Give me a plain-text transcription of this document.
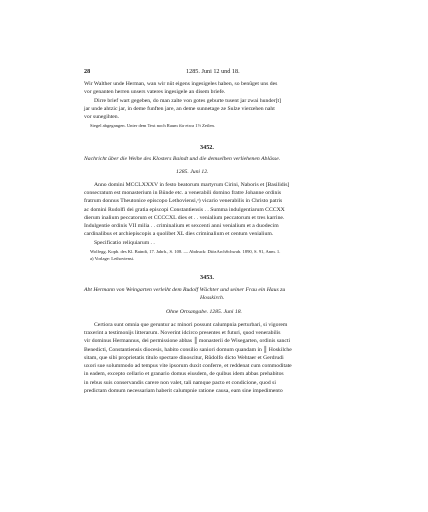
28	1285. Juni 12 und 18.
Wir Walther unde Herman, wan wir nüt eigens ingesigeles haben, so benûget uns des
vor genanten herren unsers vateres ingesigele an disem briefe.
Dirre brief wart gegeben, do man zalte von gotes geburte tusent jar zwai hunder[t]
jar unde ahtzic jar, in deme funften jare, an deme sunnetage ze Sulze vierzehen naht
vor sunegihten.
Siegel abgegangen. Unter dem Text noch Raum für etwa 1½ Zeilen.
3452.
Nachricht über die Weihe des Klosters Baindt und die demselben verliehenen Ablässe.
1285. Juni 12.
Anno domini MCCLXXXV in festo beatorum martyrum Cirini, Naboris et [Basilidis]
consecratum est monasterium in Bünde etc. a venerabili domino fratre Johanne ordinis
fratrum donnus Theutonice episcopo Lethoviensi,ᵃ) vicario venerabilis in Christo patris
ac domini Rudolfi dei gratia episcopi Constantiensis . . Summa indulgentiarum CCCXX
dierum inalium peccatorum et CCCCXL dies et . . venialium peccatorum et tres karrine.
Indulgentie ordinis VII milia . . criminalium et sexcenti anni venialium et a duodecim
cardinalibus et archiepiscopis a quolibet XL dies criminalium et centum venialium.
Specificatio reliquiarum . .
Wolfegg. Kopb. des Kl. Baindt, 17. Jahrh., S. 108. — Abdruck: DiözArchSchwab. 1890, S. 91, Anm. 1.
a) Vorlage: Lethoviensi.
3453.
Abt Hermann von Weingarten verleiht dem Rudolf Wächter und seiner Frau ein Haus zu
Hosskirch.
Ohne Ortsangabe. 1285. Juni 18.
Certiora sunt omnia que geruntur ac minori possunt calumpnia perturbari, si vigorem
traxerint a testimonijs litterarum. Noverint idcirco presentes et futuri, quod venerabilis
vir dominus Hermannus, dei permissione abbas ║ monasterii de Wisegarten, ordinis sancti
Benedicti, Constantiensis diocesis, habito consilio saniori domum quandam in ║ Hoskilche
sitam, que sibi proprietatis titulo spectare dinoscitur, Rûdolfo dicto Wehtaer et Gerdrudi
uxori sue solummodo ad tempus vite ipsorum duxit conferre, et reddenat cum commoditate
in eadem, excepto cellario et granario domus eiusdem, de quibus idem abbas prehabitos
in rebus suis conservandis carere non valet, tali namque pacto et condicione, quod si
predictam domum necessariam haberit calumpnie ratione causa, eam sine impedimento
